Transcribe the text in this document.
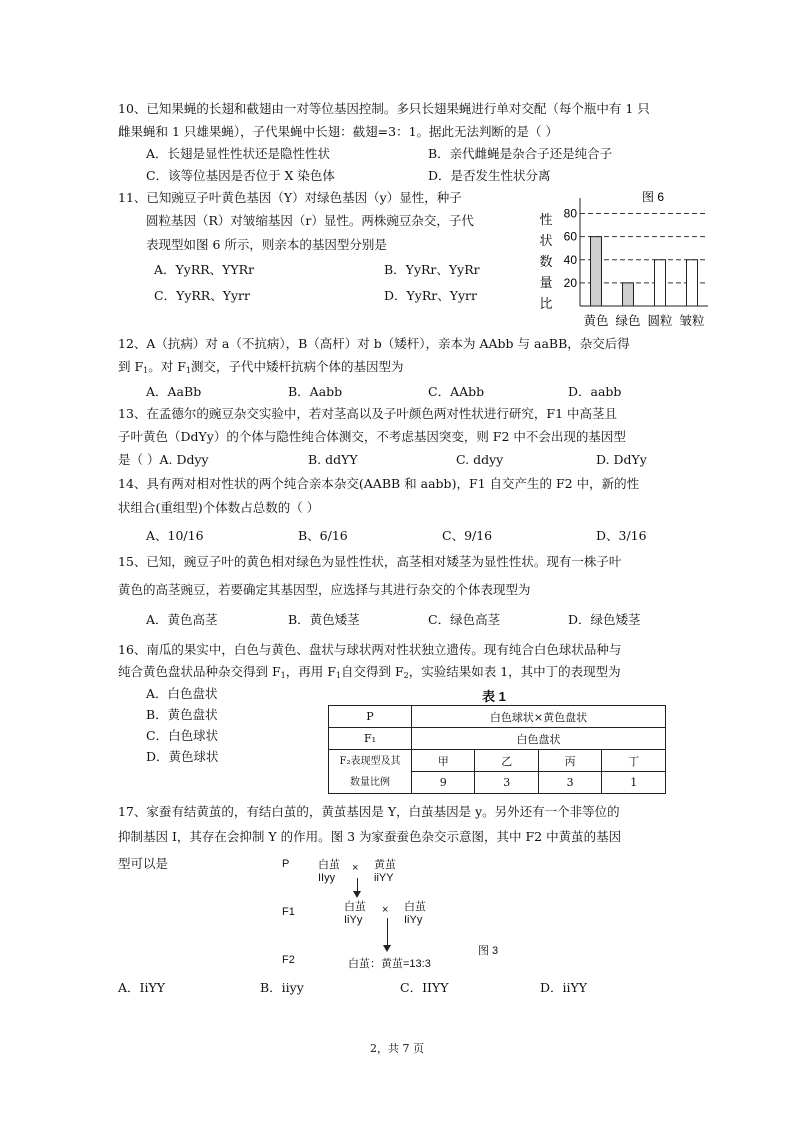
10、已知果蝇的长翅和截翅由一对等位基因控制。多只长翅果蝇进行单对交配（每个瓶中有 1 只
雌果蝇和 1 只雄果蝇），子代果蝇中长翅：截翅=3：1。据此无法判断的是（ ）
A．长翅是显性性状还是隐性性状	B．亲代雌蝇是杂合子还是纯合子
C．该等位基因是否位于 X 染色体	D．是否发生性状分离
11、已知豌豆子叶黄色基因（Y）对绿色基因（y）显性，种子
圆粒基因（R）对皱缩基因（r）显性。两株豌豆杂交，子代
表现型如图 6 所示，则亲本的基因型分别是
A．YyRR、YYRr	B．YyRr、YyRr
C．YyRR、Yyrr	D．YyRr、Yyrr
图 6
性
状
数
量
比
20
40
60
80
黄色 绿色 圆粒 皱粒
12、A（抗病）对 a（不抗病），B（高杆）对 b（矮杆），亲本为 AAbb 与 aaBB，杂交后得
到 $F_1$。对 $F_1$测交，子代中矮杆抗病个体的基因型为
A．AaBb	B．Aabb	C．AAbb	D．aabb
13、在孟德尔的豌豆杂交实验中，若对茎高以及子叶颜色两对性状进行研究，F1 中高茎且
子叶黄色（DdYy）的个体与隐性纯合体测交，不考虑基因突变，则 F2 中不会出现的基因型
是（ ）A. Ddyy	B. ddYY	C. ddyy	D. DdYy
14、具有两对相对性状的两个纯合亲本杂交(AABB 和 aabb)，F1 自交产生的 F2 中，新的性
状组合(重组型)个体数占总数的（ ）
A、10/16	B、6/16	C、9/16	D、3/16
15、已知，豌豆子叶的黄色相对绿色为显性性状，高茎相对矮茎为显性性状。现有一株子叶
黄色的高茎豌豆，若要确定其基因型，应选择与其进行杂交的个体表现型为
A．黄色高茎	B．黄色矮茎	C．绿色高茎	D．绿色矮茎
16、南瓜的果实中，白色与黄色、盘状与球状两对性状独立遗传。现有纯合白色球状品种与
纯合黄色盘状品种杂交得到 $F_1$，再用 $F_1$自交得到 $F_2$，实验结果如表 1，其中丁的表现型为
A．白色盘状
B．黄色盘状
C．白色球状
D．黄色球状
表 1
P	白色球状×黄色盘状			
F₁	白色盘状			

F₂表现型及其
数量比例	甲	乙	丙	丁
	9	3	3	1
17、家蚕有结黄茧的，有结白茧的，黄茧基因是 Y，白茧基因是 y。另外还有一个非等位的
抑制基因 I，其存在会抑制 Y 的作用。图 3 为家蚕蚕色杂交示意图，其中 F2 中黄茧的基因
型可以是	P	白茧
IIyy
× 黄茧
iiYY
F1	白茧
IiYy
× 白茧
IiYy
F2	白茧：黄茧=13:3
图 3
A．IiYY	B．iiyy	C．IIYY	D．iiYY
2，共 7 页
